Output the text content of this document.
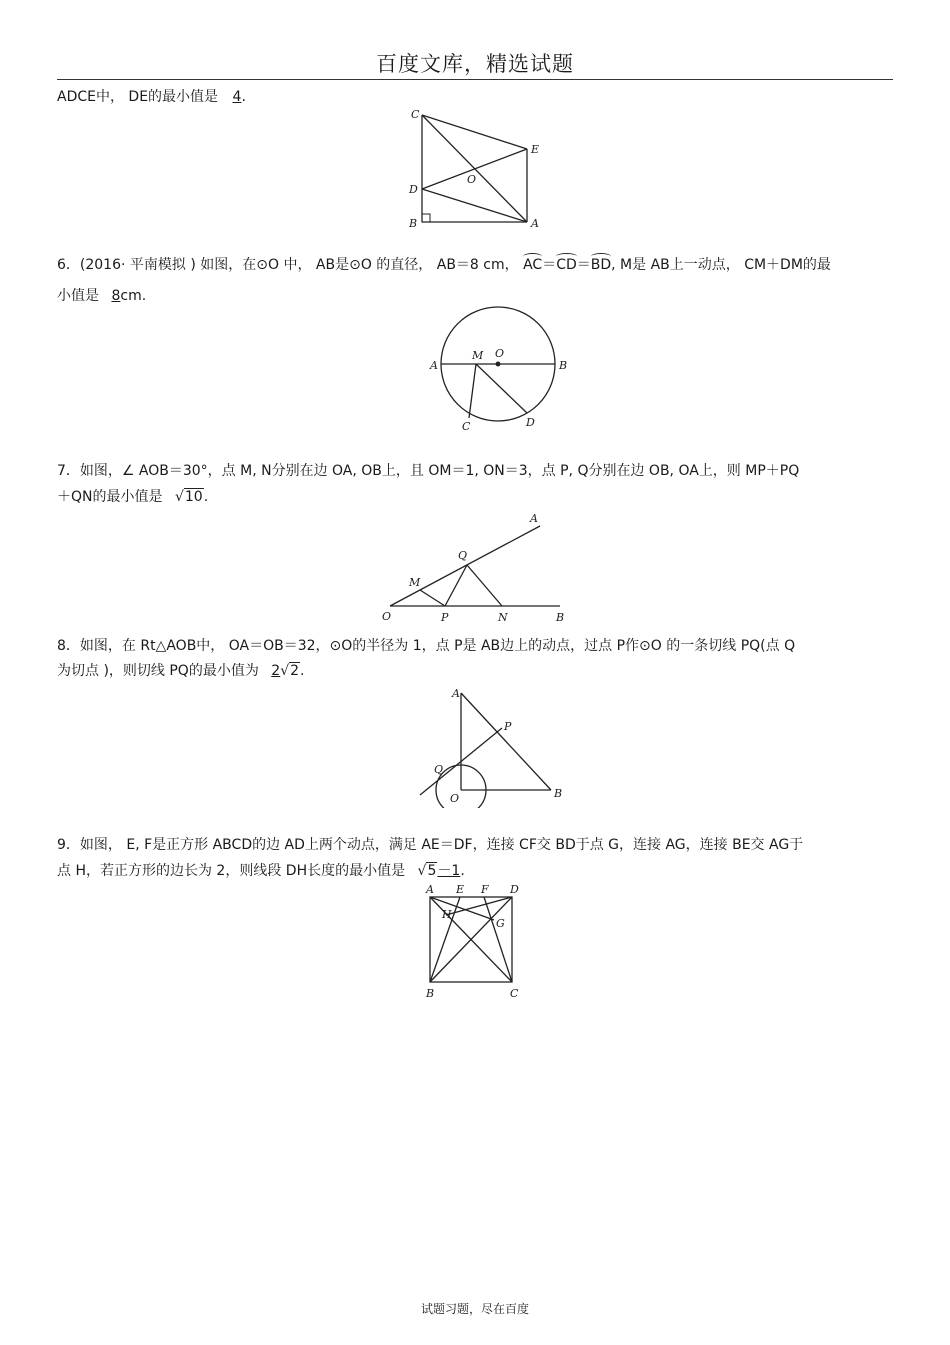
百度文库，精选试题
ADCE中， DE的最小值是 4.
C
E
O
D
B	A
6．(2016· 平南模拟 ) 如图，在⊙O 中， AB是⊙O 的直径， AB＝8 cm， AC＝CD＝BD, M是 AB上一动点， CM＋DM的最
小值是 8cm.
A
M O
B
C	D
7．如图，∠ AOB＝30°，点 M, N分别在边 OA, OB上，且 OM＝1, ON＝3，点 P, Q分别在边 OB, OA上，则 MP＋PQ
＋QN的最小值是 √10.
A
Q
M
O	P	N	B
8．如图，在 Rt△AOB中， OA＝OB＝32，⊙O的半径为 1，点 P是 AB边上的动点，过点 P作⊙O 的一条切线 PQ(点 Q
为切点 )，则切线 PQ的最小值为 2√2.
A
P
Q
O	B
9．如图， E, F是正方形 ABCD的边 AD上两个动点，满足 AE＝DF，连接 CF交 BD于点 G，连接 AG，连接 BE交 AG于
点 H，若正方形的边长为 2，则线段 DH长度的最小值是 √5－1.
A E F D
H
G
B	C
试题习题，尽在百度
